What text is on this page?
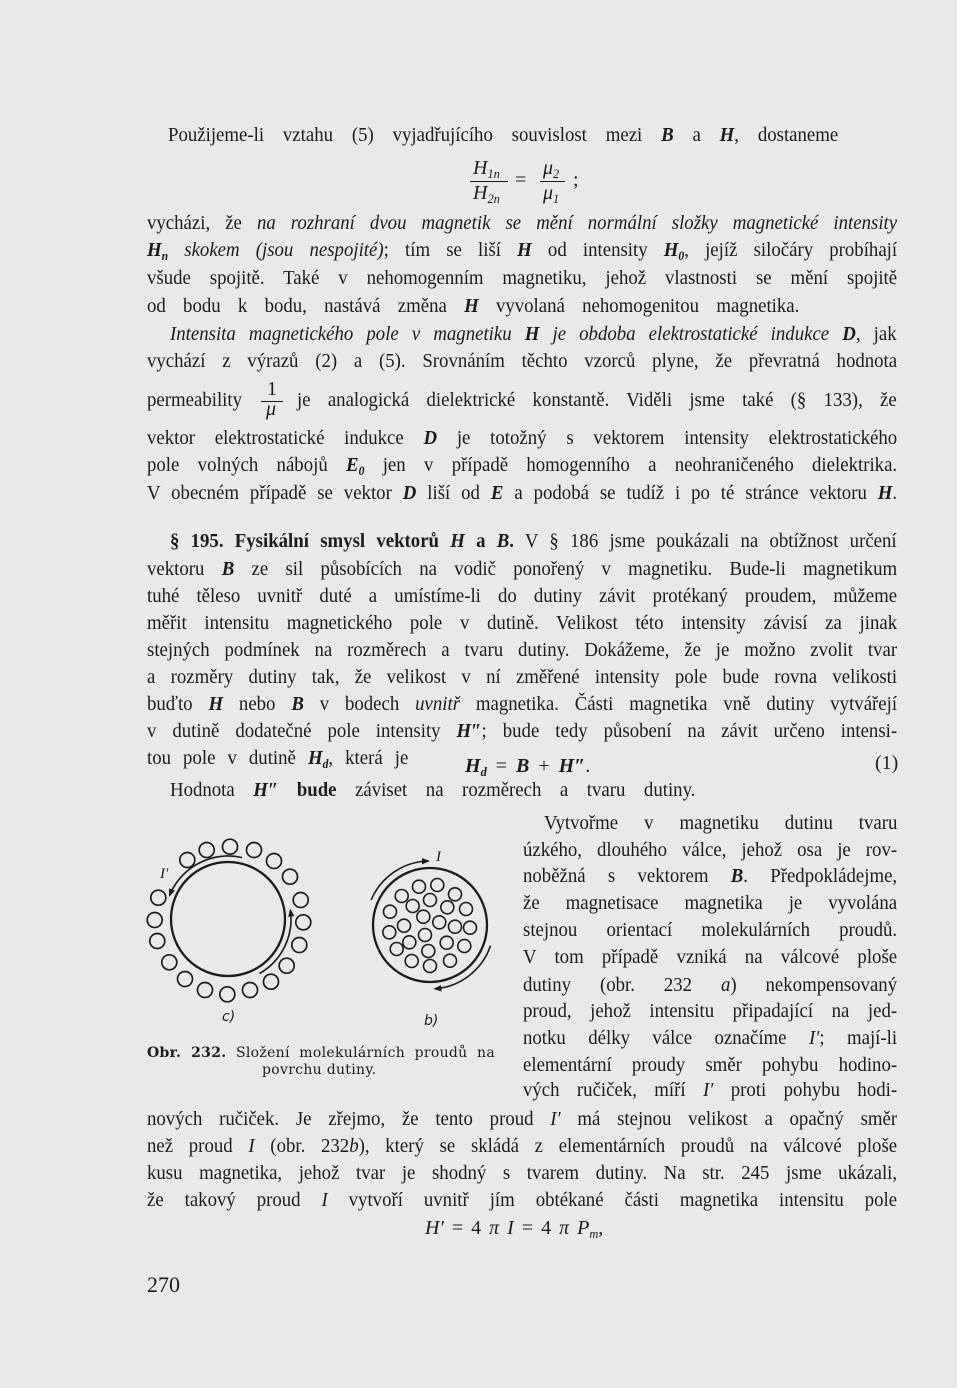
I′
I
c)	b)
Obr. 232. Složení molekulárních proudů na
povrchu dutiny.
Použijeme-li vztahu (5) vyjadřujícího souvislost mezi B a H, dostaneme
H1n
H2n
=
μ2
μ1
;
vycházi, že na rozhraní dvou magnetik se mění normální složky magnetické intensity
Hn skokem (jsou nespojité); tím se liší H od intensity H0, jejíž siločáry probíhají
všude spojitě. Také v nehomogenním magnetiku, jehož vlastnosti se mění spojitě
od bodu k bodu, nastává změna H vyvolaná nehomogenitou magnetika.
Intensita magnetického pole v magnetiku H je obdoba elektrostatické indukce D, jak
vychází z výrazů (2) a (5). Srovnáním těchto vzorců plyne, že převratná hodnota
permeability 1
μ je analogická dielektrické konstantě. Viděli jsme také (§ 133), že
vektor elektrostatické indukce D je totožný s vektorem intensity elektrostatického
pole volných nábojů E0 jen v případě homogenního a neohraničeného dielektrika.
V obecném případě se vektor D liší od E a podobá se tudíž i po té stránce vektoru H.
§ 195. Fysikální smysl vektorů H a B. V § 186 jsme poukázali na obtížnost určení
vektoru B ze sil působících na vodič ponořený v magnetiku. Bude-li magnetikum
tuhé těleso uvnitř duté a umístíme-li do dutiny závit protékaný proudem, můžeme
měřit intensitu magnetického pole v dutině. Velikost této intensity závisí za jinak
stejných podmínek na rozměrech a tvaru dutiny. Dokážeme, že je možno zvolit tvar
a rozměry dutiny tak, že velikost v ní změřené intensity pole bude rovna velikosti
buďto H nebo B v bodech uvnitř magnetika. Části magnetika vně dutiny vytvářejí
v dutině dodatečné pole intensity H″; bude tedy působení na závit určeno intensi-
tou pole v dutině Hd, která je	Hd = B + H″.	(1)
Hodnota H″ bude záviset na rozměrech a tvaru dutiny.
Vytvořme v magnetiku dutinu tvaru
úzkého, dlouhého válce, jehož osa je rov-
noběžná s vektorem B. Předpokládejme,
že magnetisace magnetika je vyvolána
stejnou orientací molekulárních proudů.
V tom případě vzniká na válcové ploše
dutiny (obr. 232 a) nekompensovaný
proud, jehož intensitu připadající na jed-
notku délky válce označíme I′; mají-li
elementární proudy směr pohybu hodino-
vých ručiček, míří I′ proti pohybu hodi-
nových ručiček. Je zřejmo, že tento proud I′ má stejnou velikost a opačný směr
než proud I (obr. 232b), který se skládá z elementárních proudů na válcové ploše
kusu magnetika, jehož tvar je shodný s tvarem dutiny. Na str. 245 jsme ukázali,
že takový proud I vytvoří uvnitř jím obtékané části magnetika intensitu pole
H′ = 4 π I = 4 π Pm,
270
